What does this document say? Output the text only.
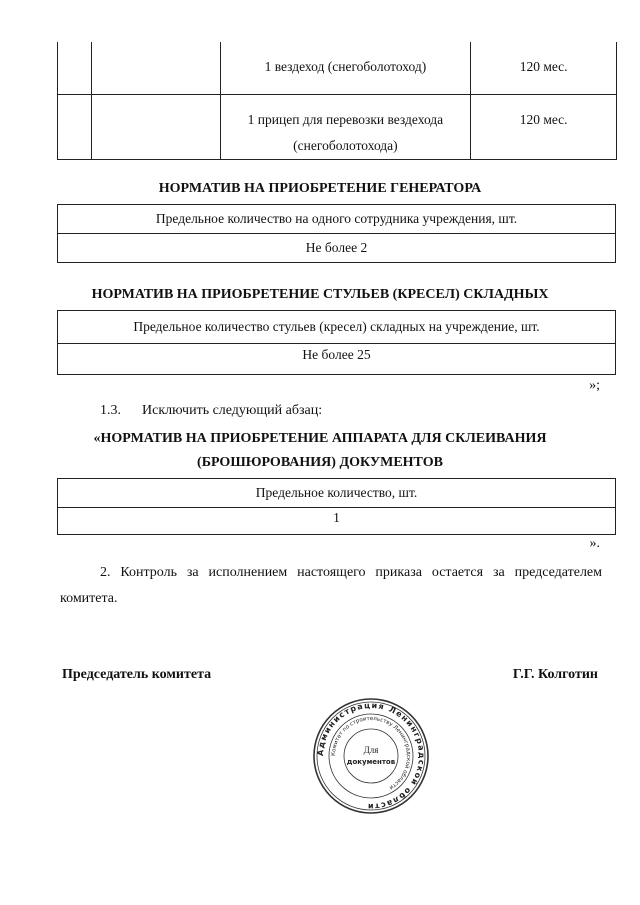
		1 вездеход (снегоболотоход)	120 мес.
		1 прицеп для перевозки вездехода (снегоболотохода)	120 мес.
НОРМАТИВ НА ПРИОБРЕТЕНИЕ ГЕНЕРАТОРА
Предельное количество на одного сотрудника учреждения, шт.
Не более 2
НОРМАТИВ НА ПРИОБРЕТЕНИЕ СТУЛЬЕВ (КРЕСЕЛ) СКЛАДНЫХ
Предельное количество стульев (кресел) складных на учреждение, шт.
Не более 25
»;
1.3. Исключить следующий абзац:
«НОРМАТИВ НА ПРИОБРЕТЕНИЕ АППАРАТА ДЛЯ СКЛЕИВАНИЯ
(БРОШЮРОВАНИЯ) ДОКУМЕНТОВ
Предельное количество, шт.
1
».
2. Контроль за исполнением настоящего приказа остается за председателем комитета.
Председатель комитета	Г.Г. Колготин
Администрация Ленинградской области
Комитет по строительству Ленинградской области
Для
документов
